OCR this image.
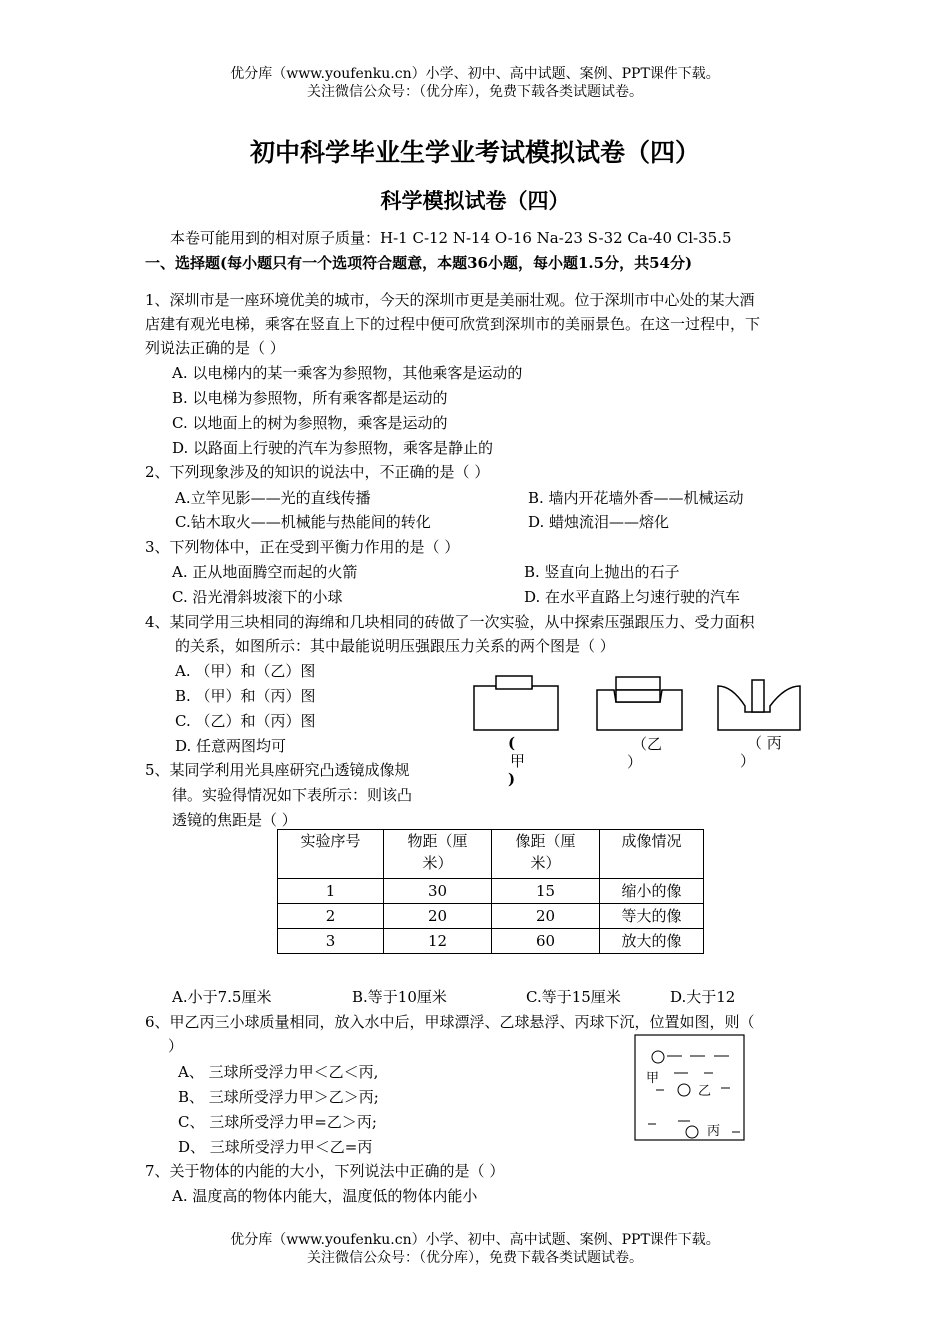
优分库（www.youfenku.cn）小学、初中、高中试题、案例、PPT课件下载。
关注微信公众号：（优分库），免费下载各类试题试卷。
初中科学毕业生学业考试模拟试卷（四）
科学模拟试卷（四）
本卷可能用到的相对原子质量：H-1 C-12 N-14 O-16 Na-23 S-32 Ca-40 Cl-35.5
一、选择题(每小题只有一个选项符合题意，本题36小题，每小题1.5分，共54分)
1、深圳市是一座环境优美的城市，今天的深圳市更是美丽壮观。位于深圳市中心处的某大酒
店建有观光电梯，乘客在竖直上下的过程中便可欣赏到深圳市的美丽景色。在这一过程中，下
列说法正确的是（ ）
A. 以电梯内的某一乘客为参照物，其他乘客是运动的
B. 以电梯为参照物，所有乘客都是运动的
C. 以地面上的树为参照物，乘客是运动的
D. 以路面上行驶的汽车为参照物，乘客是静止的
2、下列现象涉及的知识的说法中，不正确的是（ ）
A.立竿见影——光的直线传播	B. 墙内开花墙外香——机械运动
C.钻木取火——机械能与热能间的转化	D. 蜡烛流泪——熔化
3、下列物体中，正在受到平衡力作用的是（ ）
A. 正从地面腾空而起的火箭	B. 竖直向上抛出的石子
C. 沿光滑斜坡滚下的小球	D. 在水平直路上匀速行驶的汽车
4、某同学用三块相同的海绵和几块相同的砖做了一次实验，从中探索压强跟压力、受力面积
的关系，如图所示：其中最能说明压强跟压力关系的两个图是（ ）
A. （甲）和（乙）图
B. （甲）和（丙）图
C. （乙）和（丙）图
D. 任意两图均可	(
甲
)
（乙
）
（ 丙
）
5、某同学利用光具座研究凸透镜成像规
律。实验得情况如下表所示：则该凸
透镜的焦距是（ ）
实验序号	物距（厘
米）	像距（厘
米）	成像情况
1	30	15	缩小的像
2	20	20	等大的像
3	12	60	放大的像
A.小于7.5厘米	B.等于10厘米	C.等于15厘米	D.大于12
6、甲乙丙三小球质量相同，放入水中后，甲球漂浮、乙球悬浮、丙球下沉，位置如图，则（
）
A、 三球所受浮力甲＜乙＜丙,
B、 三球所受浮力甲＞乙＞丙;
C、 三球所受浮力甲=乙＞丙;
D、 三球所受浮力甲＜乙=丙
甲
乙
丙
7、关于物体的内能的大小，下列说法中正确的是（ ）
A. 温度高的物体内能大，温度低的物体内能小
优分库（www.youfenku.cn）小学、初中、高中试题、案例、PPT课件下载。
关注微信公众号：（优分库），免费下载各类试题试卷。
